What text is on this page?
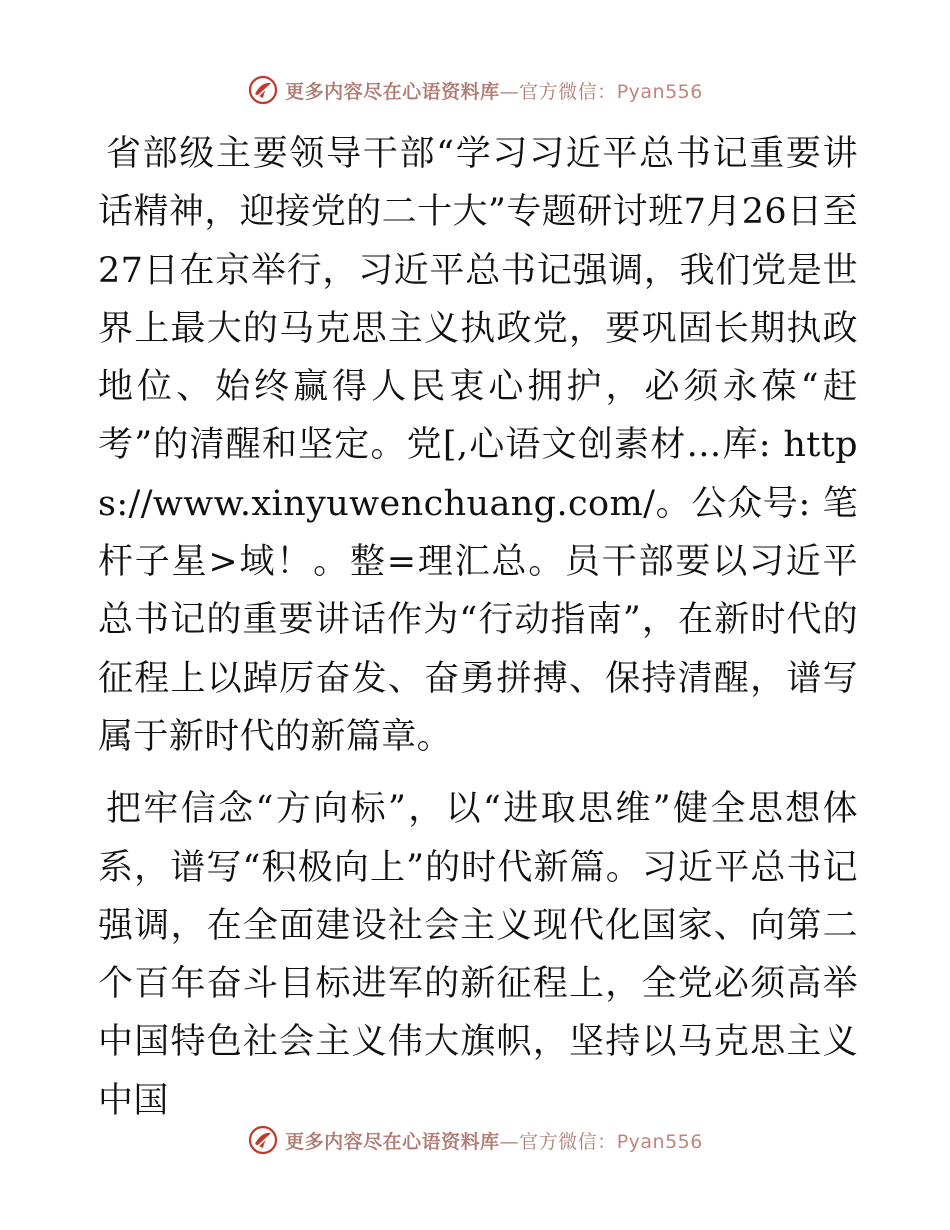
更多内容尽在心语资料库—官方微信：Pyan556

省部级主要领导干部“学习习近平总书记重要讲话精神，迎接党的二十大”专题研讨班7月26日至27日在京举行，习近平总书记强调，我们党是世界上最大的马克思主义执政党，要巩固长期执政地位、始终赢得人民衷心拥护，必须永葆“赶考”的清醒和坚定。党[,心语文创素材…库: https://www.xinyuwenchuang.com/。公众号: 笔杆子星>域！。整=理汇总。员干部要以习近平总书记的重要讲话作为“行动指南”，在新时代的征程上以踔厉奋发、奋勇拼搏、保持清醒，谱写属于新时代的新篇章。

把牢信念“方向标”，以“进取思维”健全思想体系，谱写“积极向上”的时代新篇。习近平总书记强调，在全面建设社会主义现代化国家、向第二个百年奋斗目标进军的新征程上，全党必须高举中国特色社会主义伟大旗帜，坚持以马克思主义中国

更多内容尽在心语资料库—官方微信：Pyan556
